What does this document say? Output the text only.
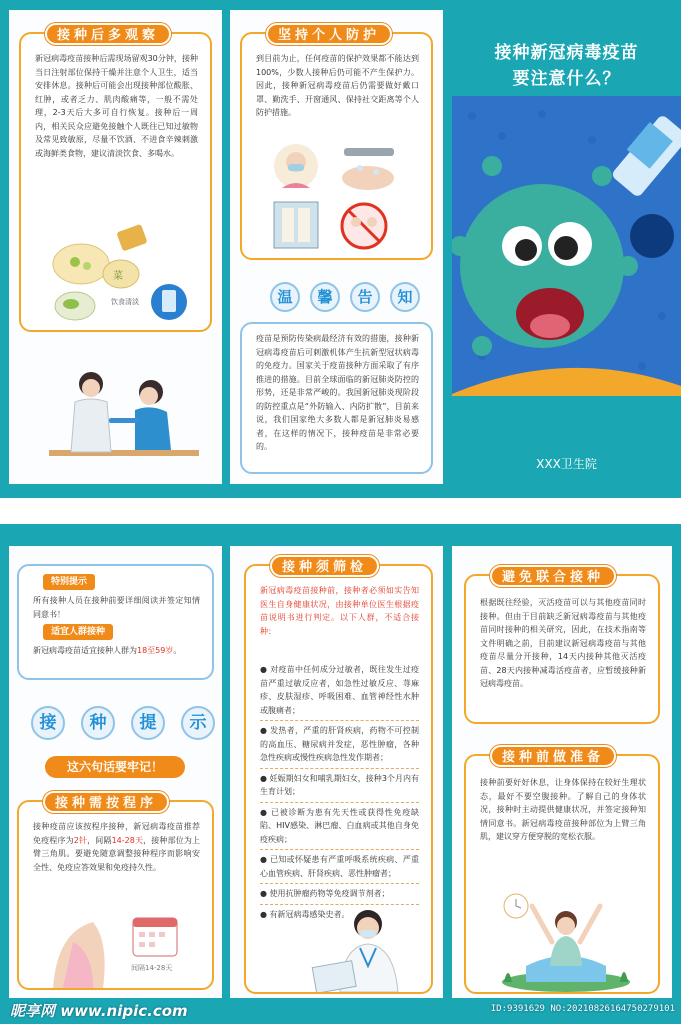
接种后多观察
新冠病毒疫苗接种后需现场留观30分钟，接种当日注射部位保持干燥并注意个人卫生，适当安排休息。接种后可能会出现接种部位酸胀、红肿，或者乏力、肌肉酸痛等，一般不需处理，2-3天后大多可自行恢复。接种后一周内，相关民众应避免接触个人既往已知过敏物及常见致敏原，尽量不饮酒、不进食辛辣刺激或海鲜类食物，建议清淡饮食、多喝水。
菜
饮食清淡
坚持个人防护
到目前为止，任何疫苗的保护效果都不能达到100%，少数人接种后仍可能不产生保护力。因此，接种新冠病毒疫苗后仍需要做好戴口罩、勤洗手、开窗通风、保持社交距离等个人防护措施。
温	馨	告	知
疫苗是预防传染病最经济有效的措施，接种新冠病毒疫苗后可刺激机体产生抗新型冠状病毒的免疫力。国家关于疫苗接种方面采取了有序推进的措施。目前全球面临的新冠肺炎防控的形势，还是非常严峻的。我国新冠肺炎现阶段的防控重点是“外防输入、内防扩散”，目前来说，我们国家绝大多数人都是新冠肺炎易感者，在这样的情况下，接种疫苗是非常必要的。
接种新冠病毒疫苗
要注意什么？
XXX卫生院
特别提示
所有接种人员在接种前要详细阅读并签定知情同意书！
适宜人群接种
新冠病毒疫苗适宜接种人群为18至59岁。
接	种	提	示
这六句话要牢记！
接种需按程序
接种疫苗应该按程序接种，新冠病毒疫苗推荐免疫程序为2针，间隔14-28天，接种部位为上臂三角肌。要避免随意调整接种程序而影响安全性、免疫应答效果和免疫持久性。
间隔14-28天
接种须筛检
新冠病毒疫苗接种前，接种者必须如实告知医生自身健康状况，由接种单位医生根据疫苗说明书进行判定。以下人群，不适合接种：
● 对疫苗中任何成分过敏者，既往发生过疫苗严重过敏反应者，如急性过敏反应、荨麻疹、皮肤湿疹、呼吸困难、血管神经性水肿或腹痛者；
● 发热者，严重的肝肾疾病，药物不可控制的高血压、糖尿病并发症，恶性肿瘤，各种急性疾病或慢性疾病急性发作期者；
● 妊娠期妇女和哺乳期妇女，接种3个月内有生育计划；
● 已被诊断为患有先天性或获得性免疫缺陷、HIV感染、淋巴瘤、白血病或其他自身免疫疾病；
● 已知或怀疑患有严重呼吸系统疾病、严重心血管疾病、肝肾疾病、恶性肿瘤者；
● 使用抗肿瘤药物等免疫调节剂者；
● 有新冠病毒感染史者。
避免联合接种
根据既往经验，灭活疫苗可以与其他疫苗同时接种。但由于目前缺乏新冠病毒疫苗与其他疫苗同时接种的相关研究，因此，在技术指南等文件明确之前，目前建议新冠病毒疫苗与其他疫苗尽量分开接种，14天内接种其他灭活疫苗、28天内接种减毒活疫苗者，应暂缓接种新冠病毒疫苗。
接种前做准备
接种前要好好休息，让身体保持在较好生理状态，最好不要空腹接种。了解自己的身体状况，接种时主动提供健康状况，并签定接种知情同意书。新冠病毒疫苗接种部位为上臂三角肌，建议穿方便穿脱的宽松衣服。
昵享网 www.nipic.com	ID:9391629 NO:20210826164750279101
